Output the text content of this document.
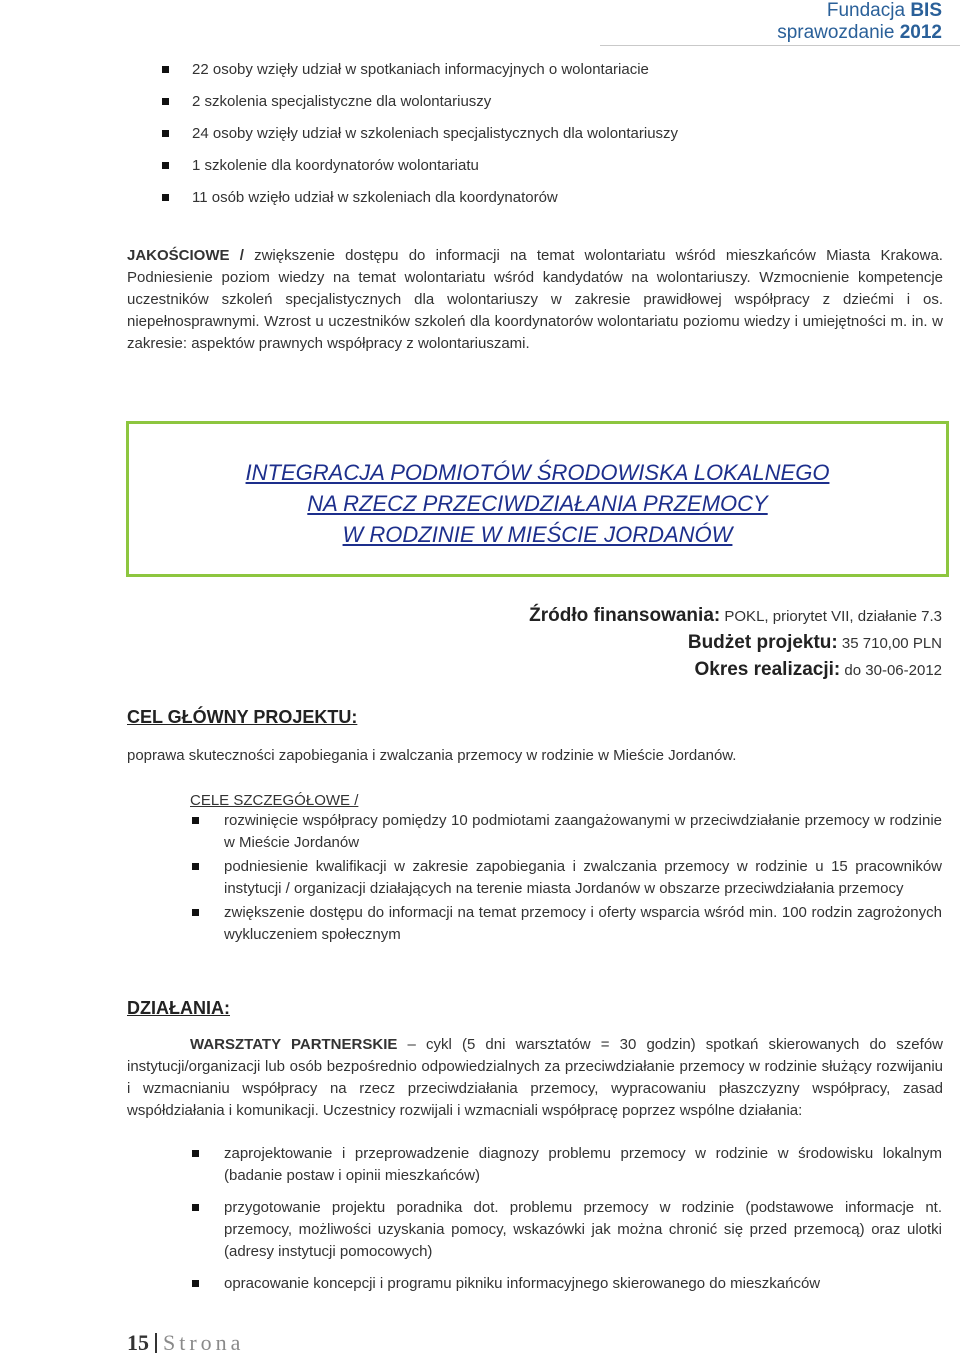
Fundacja BIS
sprawozdanie 2012
22 osoby wzięły udział w spotkaniach informacyjnych o wolontariacie
2 szkolenia specjalistyczne dla wolontariuszy
24 osoby wzięły udział w szkoleniach specjalistycznych dla wolontariuszy
1 szkolenie dla koordynatorów wolontariatu
11 osób wzięło udział w szkoleniach dla koordynatorów
JAKOŚCIOWE / zwiększenie dostępu do informacji na temat wolontariatu wśród mieszkańców Miasta Krakowa. Podniesienie poziom wiedzy na temat wolontariatu wśród kandydatów na wolontariuszy. Wzmocnienie kompetencje uczestników szkoleń specjalistycznych dla wolontariuszy w zakresie prawidłowej współpracy z dziećmi i os. niepełnosprawnymi. Wzrost u uczestników szkoleń dla koordynatorów wolontariatu poziomu wiedzy i umiejętności m. in. w zakresie: aspektów prawnych współpracy z wolontariuszami.
INTEGRACJA PODMIOTÓW ŚRODOWISKA LOKALNEGO
NA RZECZ PRZECIWDZIAŁANIA PRZEMOCY
W RODZINIE W MIEŚCIE JORDANÓW
Źródło finansowania: POKL, priorytet VII, działanie 7.3
Budżet projektu: 35 710,00 PLN
Okres realizacji: do 30-06-2012
CEL GŁÓWNY PROJEKTU:
poprawa skuteczności zapobiegania i zwalczania przemocy w rodzinie w Mieście Jordanów.
CELE SZCZEGÓŁOWE /
rozwinięcie współpracy pomiędzy 10 podmiotami zaangażowanymi w przeciwdziałanie przemocy w rodzinie w Mieście Jordanów
podniesienie kwalifikacji w zakresie zapobiegania i zwalczania przemocy w rodzinie u 15 pracowników instytucji / organizacji działających na terenie miasta Jordanów w obszarze przeciwdziałania przemocy
zwiększenie dostępu do informacji na temat przemocy i oferty wsparcia wśród min. 100 rodzin zagrożonych wykluczeniem społecznym
DZIAŁANIA:
WARSZTATY PARTNERSKIE – cykl (5 dni warsztatów = 30 godzin) spotkań skierowanych do szefów instytucji/organizacji lub osób bezpośrednio odpowiedzialnych za przeciwdziałanie przemocy w rodzinie służący rozwijaniu i wzmacnianiu współpracy na rzecz przeciwdziałania przemocy, wypracowaniu płaszczyzny współpracy, zasad współdziałania i komunikacji. Uczestnicy rozwijali i wzmacniali współpracę poprzez wspólne działania:
zaprojektowanie i przeprowadzenie diagnozy problemu przemocy w rodzinie w środowisku lokalnym (badanie postaw i opinii mieszkańców)
przygotowanie projektu poradnika dot. problemu przemocy w rodzinie (podstawowe informacje nt. przemocy, możliwości uzyskania pomocy, wskazówki jak można chronić się przed przemocą) oraz ulotki (adresy instytucji pomocowych)
opracowanie koncepcji i programu pikniku informacyjnego skierowanego do mieszkańców
15 Strona
